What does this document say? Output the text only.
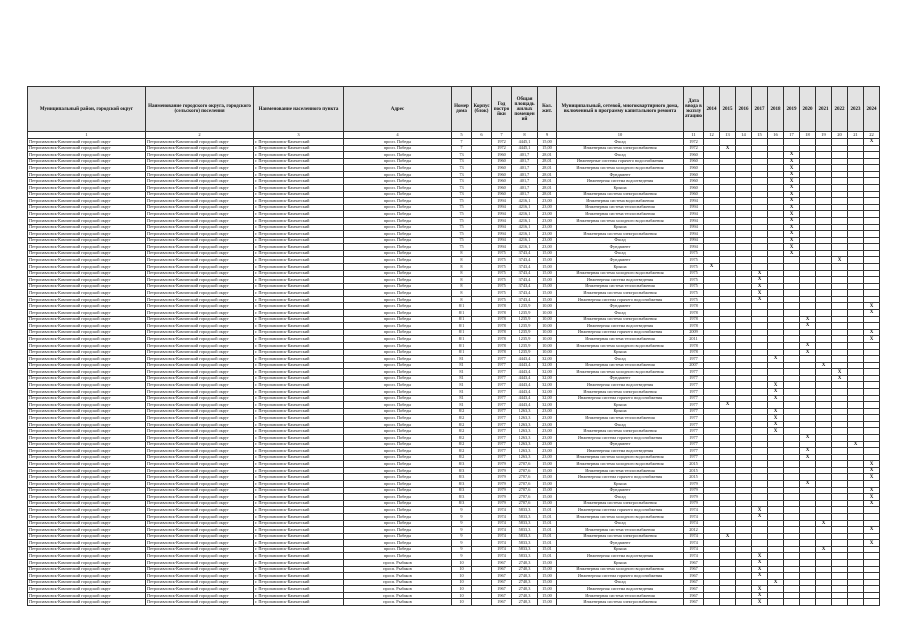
Муниципальный район, городской округ	Наименование городского округа, городского (сельского) поселения	Наименование населенного пункта	Адрес	Номер дома	Корпус (блок)	Год постройки	Общая площадь жилых помещений	Кол. жит.	Муниципальный, сетевой, многоквартирного дома, включенный в программу капитального ремонта	Дата ввода в эксплуатацию	2014	2015	2016	2017	2018	2019	2020	2021	2022	2023	2024
1	2	3	4	5	6	7	8	9	10	11	12	13	14	15	16	17	18	19	20	21	22
Петропавловск-Камчатский городской округ	Петропавловск-Камчатский городской округ	г. Петропавловск-Камчатский	просп. Победы	7		1972	4445,1	15,00	Фасад	1972											X
Петропавловск-Камчатский городской округ	Петропавловск-Камчатский городской округ	г. Петропавловск-Камчатский	просп. Победы	7		1972	4445,1	15,00	Инженерная система электроснабжения	1972		X									
Петропавловск-Камчатский городской округ	Петропавловск-Камчатский городской округ	г. Петропавловск-Камчатский	просп. Победы	73		1960	401,7	28,01	Фасад	1960						X					
Петропавловск-Камчатский городской округ	Петропавловск-Камчатский городской округ	г. Петропавловск-Камчатский	просп. Победы	73		1960	401,7	28,01	Инженерные системы горячего водоснабжения	1960						X					
Петропавловск-Камчатский городской округ	Петропавловск-Камчатский городской округ	г. Петропавловск-Камчатский	просп. Победы	73		1960	401,7	28,01	Инженерная система холодного водоснабжения	1960						X					
Петропавловск-Камчатский городской округ	Петропавловск-Камчатский городской округ	г. Петропавловск-Камчатский	просп. Победы	73		1960	401,7	28,01	Фундамент	1960						X					
Петропавловск-Камчатский городской округ	Петропавловск-Камчатский городской округ	г. Петропавловск-Камчатский	просп. Победы	73		1960	401,7	28,01	Инженерная система водоотведения	1960						X					
Петропавловск-Камчатский городской округ	Петропавловск-Камчатский городской округ	г. Петропавловск-Камчатский	просп. Победы	73		1960	401,7	28,01	Крыша	1960						X					
Петропавловск-Камчатский городской округ	Петропавловск-Камчатский городской округ	г. Петропавловск-Камчатский	просп. Победы	73		1960	401,7	28,01	Инженерная система электроснабжения	1960						X					
Петропавловск-Камчатский городской округ	Петропавловск-Камчатский городской округ	г. Петропавловск-Камчатский	просп. Победы	75		1994	4216,1	23,00	Инженерная система водоснабжения	1994						X					
Петропавловск-Камчатский городской округ	Петропавловск-Камчатский городской округ	г. Петропавловск-Камчатский	просп. Победы	75		1994	4216,1	23,00	Инженерная система теплоснабжения	1994						X					
Петропавловск-Камчатский городской округ	Петропавловск-Камчатский городской округ	г. Петропавловск-Камчатский	просп. Победы	75		1994	4216,1	23,00	Инженерная система теплоснабжения	1994						X					
Петропавловск-Камчатский городской округ	Петропавловск-Камчатский городской округ	г. Петропавловск-Камчатский	просп. Победы	75		1994	4216,1	23,00	Инженерная система холодного водоснабжения	1994						X					
Петропавловск-Камчатский городской округ	Петропавловск-Камчатский городской округ	г. Петропавловск-Камчатский	просп. Победы	75		1994	4216,1	23,00	Крыша	1994						X					
Петропавловск-Камчатский городской округ	Петропавловск-Камчатский городской округ	г. Петропавловск-Камчатский	просп. Победы	75		1994	4216,1	23,00	Инженерная система электроснабжения	1994						X					
Петропавловск-Камчатский городской округ	Петропавловск-Камчатский городской округ	г. Петропавловск-Камчатский	просп. Победы	75		1994	4216,1	23,00	Фасад	1994						X					
Петропавловск-Камчатский городской округ	Петропавловск-Камчатский городской округ	г. Петропавловск-Камчатский	просп. Победы	75		1994	4216,1	23,00	Фундамент	1994						X					
Петропавловск-Камчатский городской округ	Петропавловск-Камчатский городской округ	г. Петропавловск-Камчатский	просп. Победы	8		1975	3743,4	15,00	Фасад	1975						X					
Петропавловск-Камчатский городской округ	Петропавловск-Камчатский городской округ	г. Петропавловск-Камчатский	просп. Победы	8		1975	3743,4	15,00	Фундамент	1975									X		
Петропавловск-Камчатский городской округ	Петропавловск-Камчатский городской округ	г. Петропавловск-Камчатский	просп. Победы	8		1975	3743,4	15,00	Крыша	1975	X										
Петропавловск-Камчатский городской округ	Петропавловск-Камчатский городской округ	г. Петропавловск-Камчатский	просп. Победы	8		1975	3743,4	15,00	Инженерная система холодного водоснабжения	1975				X							
Петропавловск-Камчатский городской округ	Петропавловск-Камчатский городской округ	г. Петропавловск-Камчатский	просп. Победы	8		1975	3743,4	15,00	Инженерная система водоотведения	1975				X							
Петропавловск-Камчатский городской округ	Петропавловск-Камчатский городской округ	г. Петропавловск-Камчатский	просп. Победы	8		1975	3743,4	15,00	Инженерная система теплоснабжения	1975				X							
Петропавловск-Камчатский городской округ	Петропавловск-Камчатский городской округ	г. Петропавловск-Камчатский	просп. Победы	8		1975	3743,4	15,00	Инженерная система электроснабжения	1975				X							
Петропавловск-Камчатский городской округ	Петропавловск-Камчатский городской округ	г. Петропавловск-Камчатский	просп. Победы	8		1975	3743,4	15,00	Инженерная система горячего водоснабжения	1975				X							
Петропавловск-Камчатский городской округ	Петропавловск-Камчатский городской округ	г. Петропавловск-Камчатский	просп. Победы	8/1		1978	1235,9	10,00	Фундамент	1978											X
Петропавловск-Камчатский городской округ	Петропавловск-Камчатский городской округ	г. Петропавловск-Камчатский	просп. Победы	8/1		1978	1235,9	10,00	Фасад	1978											X
Петропавловск-Камчатский городской округ	Петропавловск-Камчатский городской округ	г. Петропавловск-Камчатский	просп. Победы	8/1		1978	1235,9	10,00	Инженерная система электроснабжения	1978							X				
Петропавловск-Камчатский городской округ	Петропавловск-Камчатский городской округ	г. Петропавловск-Камчатский	просп. Победы	8/1		1978	1235,9	10,00	Инженерная система водоотведения	1978							X				
Петропавловск-Камчатский городской округ	Петропавловск-Камчатский городской округ	г. Петропавловск-Камчатский	просп. Победы	8/1		1978	1235,9	10,00	Инженерная система горячего водоснабжения	2009											X
Петропавловск-Камчатский городской округ	Петропавловск-Камчатский городской округ	г. Петропавловск-Камчатский	просп. Победы	8/1		1978	1235,9	10,00	Инженерная система теплоснабжения	2011											X
Петропавловск-Камчатский городской округ	Петропавловск-Камчатский городской округ	г. Петропавловск-Камчатский	просп. Победы	8/1		1978	1235,9	10,00	Инженерная система холодного водоснабжения	1978							X				
Петропавловск-Камчатский городской округ	Петропавловск-Камчатский городской округ	г. Петропавловск-Камчатский	просп. Победы	8/1		1978	1235,9	10,00	Крыша	1978							X				
Петропавловск-Камчатский городской округ	Петропавловск-Камчатский городской округ	г. Петропавловск-Камчатский	просп. Победы	81		1977	4443,4	32,00	Фасад	1977					X						
Петропавловск-Камчатский городской округ	Петропавловск-Камчатский городской округ	г. Петропавловск-Камчатский	просп. Победы	81		1977	4443,4	32,00	Инженерная система теплоснабжения	2007								X			
Петропавловск-Камчатский городской округ	Петропавловск-Камчатский городской округ	г. Петропавловск-Камчатский	просп. Победы	81		1977	4443,4	32,00	Инженерная система холодного водоснабжения	1977									X		
Петропавловск-Камчатский городской округ	Петропавловск-Камчатский городской округ	г. Петропавловск-Камчатский	просп. Победы	81		1977	4443,4	32,00	Фундамент	1977									X		
Петропавловск-Камчатский городской округ	Петропавловск-Камчатский городской округ	г. Петропавловск-Камчатский	просп. Победы	81		1977	4443,4	32,00	Инженерная система водоотведения	1977					X						
Петропавловск-Камчатский городской округ	Петропавловск-Камчатский городской округ	г. Петропавловск-Камчатский	просп. Победы	81		1977	4443,4	32,00	Инженерная система электроснабжения	1977					X						
Петропавловск-Камчатский городской округ	Петропавловск-Камчатский городской округ	г. Петропавловск-Камчатский	просп. Победы	81		1977	4443,4	32,00	Инженерная система горячего водоснабжения	1977					X						
Петропавловск-Камчатский городской округ	Петропавловск-Камчатский городской округ	г. Петропавловск-Камчатский	просп. Победы	81		1977	4443,4	32,00	Крыша	1977		X									
Петропавловск-Камчатский городской округ	Петропавловск-Камчатский городской округ	г. Петропавловск-Камчатский	просп. Победы	8/2		1977	1263,3	23,00	Крыша	1977					X						
Петропавловск-Камчатский городской округ	Петропавловск-Камчатский городской округ	г. Петропавловск-Камчатский	просп. Победы	8/2		1977	1263,3	23,00	Инженерная система теплоснабжения	1977					X						
Петропавловск-Камчатский городской округ	Петропавловск-Камчатский городской округ	г. Петропавловск-Камчатский	просп. Победы	8/2		1977	1263,3	23,00	Фасад	1977					X						
Петропавловск-Камчатский городской округ	Петропавловск-Камчатский городской округ	г. Петропавловск-Камчатский	просп. Победы	8/2		1977	1263,3	23,00	Инженерная система электроснабжения	1977					X						
Петропавловск-Камчатский городской округ	Петропавловск-Камчатский городской округ	г. Петропавловск-Камчатский	просп. Победы	8/2		1977	1263,3	23,00	Инженерная система горячего водоснабжения	1977							X				
Петропавловск-Камчатский городской округ	Петропавловск-Камчатский городской округ	г. Петропавловск-Камчатский	просп. Победы	8/2		1977	1263,3	23,00	Фундамент	1977										X	
Петропавловск-Камчатский городской округ	Петропавловск-Камчатский городской округ	г. Петропавловск-Камчатский	просп. Победы	8/2		1977	1263,3	23,00	Инженерная система водоотведения	1977							X				
Петропавловск-Камчатский городской округ	Петропавловск-Камчатский городской округ	г. Петропавловск-Камчатский	просп. Победы	8/2		1977	1263,3	23,00	Инженерная система холодного водоснабжения	1977							X				
Петропавловск-Камчатский городской округ	Петропавловск-Камчатский городской округ	г. Петропавловск-Камчатский	просп. Победы	8/3		1979	2707,6	15,00	Инженерная система холодного водоснабжения	2015											X
Петропавловск-Камчатский городской округ	Петропавловск-Камчатский городской округ	г. Петропавловск-Камчатский	просп. Победы	8/3		1979	2707,6	15,00	Инженерная система теплоснабжения	2015											X
Петропавловск-Камчатский городской округ	Петропавловск-Камчатский городской округ	г. Петропавловск-Камчатский	просп. Победы	8/3		1979	2707,6	15,00	Инженерная система горячего водоснабжения	2015											X
Петропавловск-Камчатский городской округ	Петропавловск-Камчатский городской округ	г. Петропавловск-Камчатский	просп. Победы	8/3		1979	2707,6	15,00	Крыша	1979							X				
Петропавловск-Камчатский городской округ	Петропавловск-Камчатский городской округ	г. Петропавловск-Камчатский	просп. Победы	8/3		1979	2707,6	15,00	Фундамент	1979											X
Петропавловск-Камчатский городской округ	Петропавловск-Камчатский городской округ	г. Петропавловск-Камчатский	просп. Победы	8/3		1979	2707,6	15,00	Фасад	1979											X
Петропавловск-Камчатский городской округ	Петропавловск-Камчатский городской округ	г. Петропавловск-Камчатский	просп. Победы	8/3		1979	2707,6	15,00	Инженерная система электроснабжения	1979											X
Петропавловск-Камчатский городской округ	Петропавловск-Камчатский городской округ	г. Петропавловск-Камчатский	просп. Победы	9		1974	5833,3	15,01	Инженерная система горячего водоснабжения	1974				X							
Петропавловск-Камчатский городской округ	Петропавловск-Камчатский городской округ	г. Петропавловск-Камчатский	просп. Победы	9		1974	5833,3	15,01	Инженерная система холодного водоснабжения	1974				X							
Петропавловск-Камчатский городской округ	Петропавловск-Камчатский городской округ	г. Петропавловск-Камчатский	просп. Победы	9		1974	5833,3	15,01	Фасад	1974								X			
Петропавловск-Камчатский городской округ	Петропавловск-Камчатский городской округ	г. Петропавловск-Камчатский	просп. Победы	9		1974	5833,3	15,01	Инженерная система теплоснабжения	2012											X
Петропавловск-Камчатский городской округ	Петропавловск-Камчатский городской округ	г. Петропавловск-Камчатский	просп. Победы	9		1974	5833,3	15,01	Инженерная система электроснабжения	1974		X									
Петропавловск-Камчатский городской округ	Петропавловск-Камчатский городской округ	г. Петропавловск-Камчатский	просп. Победы	9		1974	5833,3	15,01	Фундамент	1974											X
Петропавловск-Камчатский городской округ	Петропавловск-Камчатский городской округ	г. Петропавловск-Камчатский	просп. Победы	9		1974	5833,3	15,01	Крыша	1974								X			
Петропавловск-Камчатский городской округ	Петропавловск-Камчатский городской округ	г. Петропавловск-Камчатский	просп. Победы	9		1974	5833,3	15,01	Инженерная система водоотведения	1974				X							
Петропавловск-Камчатский городской округ	Петропавловск-Камчатский городской округ	г. Петропавловск-Камчатский	просп. Рыбаков	10		1967	2740,3	15,00	Крыша	1967				X							
Петропавловск-Камчатский городской округ	Петропавловск-Камчатский городской округ	г. Петропавловск-Камчатский	просп. Рыбаков	10		1967	2740,3	15,00	Инженерная система холодного водоснабжения	1967				X							
Петропавловск-Камчатский городской округ	Петропавловск-Камчатский городской округ	г. Петропавловск-Камчатский	просп. Рыбаков	10		1967	2740,3	15,00	Инженерная система горячего водоснабжения	1967				X							
Петропавловск-Камчатский городской округ	Петропавловск-Камчатский городской округ	г. Петропавловск-Камчатский	просп. Рыбаков	10		1967	2740,3	15,00	Фасад	1967					X						
Петропавловск-Камчатский городской округ	Петропавловск-Камчатский городской округ	г. Петропавловск-Камчатский	просп. Рыбаков	10		1967	2740,3	15,00	Инженерная система водоотведения	1967				X							
Петропавловск-Камчатский городской округ	Петропавловск-Камчатский городской округ	г. Петропавловск-Камчатский	просп. Рыбаков	10		1967	2740,3	15,00	Инженерная система теплоснабжения	1967				X							
Петропавловск-Камчатский городской округ	Петропавловск-Камчатский городской округ	г. Петропавловск-Камчатский	просп. Рыбаков	10		1967	2740,3	15,00	Инженерная система электроснабжения	1967				X							
